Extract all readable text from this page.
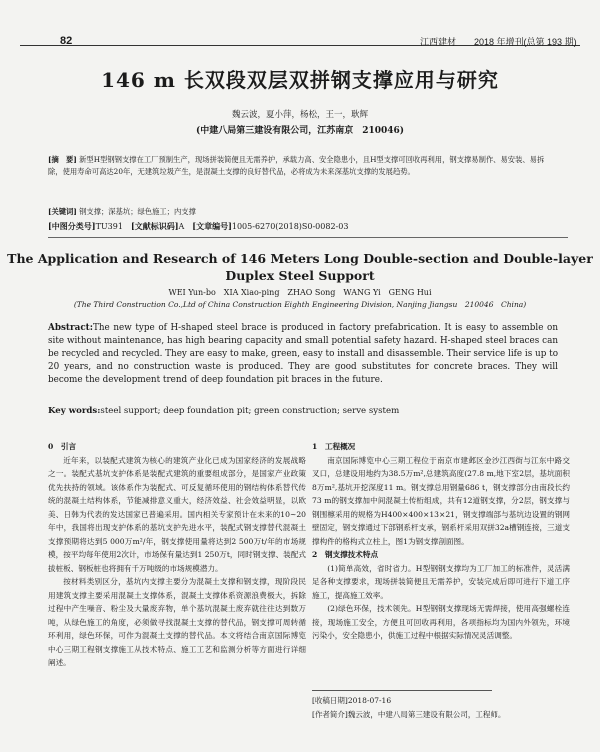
82	江西建材　　 2018 年增刊(总第 193 期)
146 m 长双段双层双拼钢支撑应用与研究
魏云波，夏小萍，杨松，王一，耿辉
(中建八局第三建设有限公司，江苏南京　210046)
[摘　要] 新型H型钢钢支撑在工厂预制生产，现场拼装简便且无需养护，承载力高、安全隐患小，且H型支撑可回收再利用，钢支撑易制作、易安装、易拆除，使用寿命可高达20年，无建筑垃圾产生，是混凝土支撑的良好替代品，必将成为未来深基坑支撑的发展趋势。
[关键词] 钢支撑；深基坑；绿色施工；内支撑
[中图分类号]TU391　 [文献标识码]A　 [文章编号]1005-6270(2018)S0-0082-03
The Application and Research of 146 Meters Long Double-section and Double-layer Duplex Steel Support
WEI Yun-bo　XIA Xiao-ping　ZHAO Song　WANG Yi　GENG Hui
(The Third Construction Co.,Ltd of China Construction Eighth Engineering Division, Nanjing Jiangsu　210046　China)
Abstract:The new type of H-shaped steel brace is produced in factory prefabrication. It is easy to assemble on site without maintenance, has high bearing capacity and small potential safety hazard. H-shaped steel braces can be recycled and recycled. They are easy to make, green, easy to install and disassemble. Their service life is up to 20 years, and no construction waste is produced. They are good substitutes for concrete braces. They will become the development trend of deep foundation pit braces in the future.
Key words:steel support; deep foundation pit; green construction; serve system
0　引言

近年来，以装配式建筑为核心的建筑产业化已成为国家经济的发展战略之一。装配式基坑支护体系是装配式建筑的重要组成部分，是国家产业政策优先扶持的领域。该体系作为装配式、可反复循环使用的钢结构体系替代传统的混凝土结构体系，节能减排意义重大，经济效益、社会效益明显，以欧美、日韩为代表的发达国家已普遍采用。国内相关专家预计在未来的10~20年中，我国将出现支护体系的基坑支护先进水平，装配式钢支撑替代混凝土支撑预期将达到5 000万m²/年，钢支撑使用量将达到2 500万t/年的市场规模，按平均每年使用2次计，市场保有量达到1 250万t，同时钢支撑、装配式拔桩板、钢板桩也将拥有千万吨级的市场规模潜力。

按材料类别区分，基坑内支撑主要分为混凝土支撑和钢支撑，现阶段民用建筑支撑主要采用混凝土支撑体系，混凝土支撑体系资源浪费极大，拆除过程中产生噪音、粉尘及大量废弃物，单个基坑混凝土废弃就往往达到数万吨，从绿色施工的角度，必须做寻找混凝土支撑的替代品，钢支撑可周转循环利用，绿色环保，可作为混凝土支撑的替代品。本文将结合南京国际博览中心三期工程钢支撑施工从技术特点、施工工艺和监测分析等方面进行详细阐述。

1　工程概况

南京国际博览中心三期工程位于南京市建邺区金沙江西街与江东中路交叉口，总建设用地约为38.5万m²,总建筑高度(27.8 m,地下室2层，基坑面积8万m²,基坑开挖深度11 m。钢支撑总用钢量686 t，钢支撑部分由南段长约73 m的钢支撑加中间混凝土传桁组成，共有12道钢支撑，分2层，钢支撑与钢围檩采用的规格为H400×400×13×21，钢支撑端部与基坑边设置的钢网壁固定，钢支撑通过下部钢系杆支承，钢系杆采用双拼32a槽钢连接，三道支撑构件的格构式立柱上，图1为钢支撑剖面图。

2　钢支撑技术特点

(1)简单高效，省时省力。H型钢钢支撑均为工厂加工的标准件，灵活满足各种支撑要求，现场拼装简便且无需养护，安装完成后即可进行下道工序施工，提高施工效率。

(2)绿色环保，技术领先。H型钢钢支撑现场无需焊接，使用高强螺栓连接，现场施工安全，方便且可回收再利用，各项指标均为国内外领先，环境污染小，安全隐患小，供施工过程中根据实际情况灵活调整。

[收稿日期]2018-07-16
[作者简介]魏云波，中建八局第三建设有限公司，工程师。
